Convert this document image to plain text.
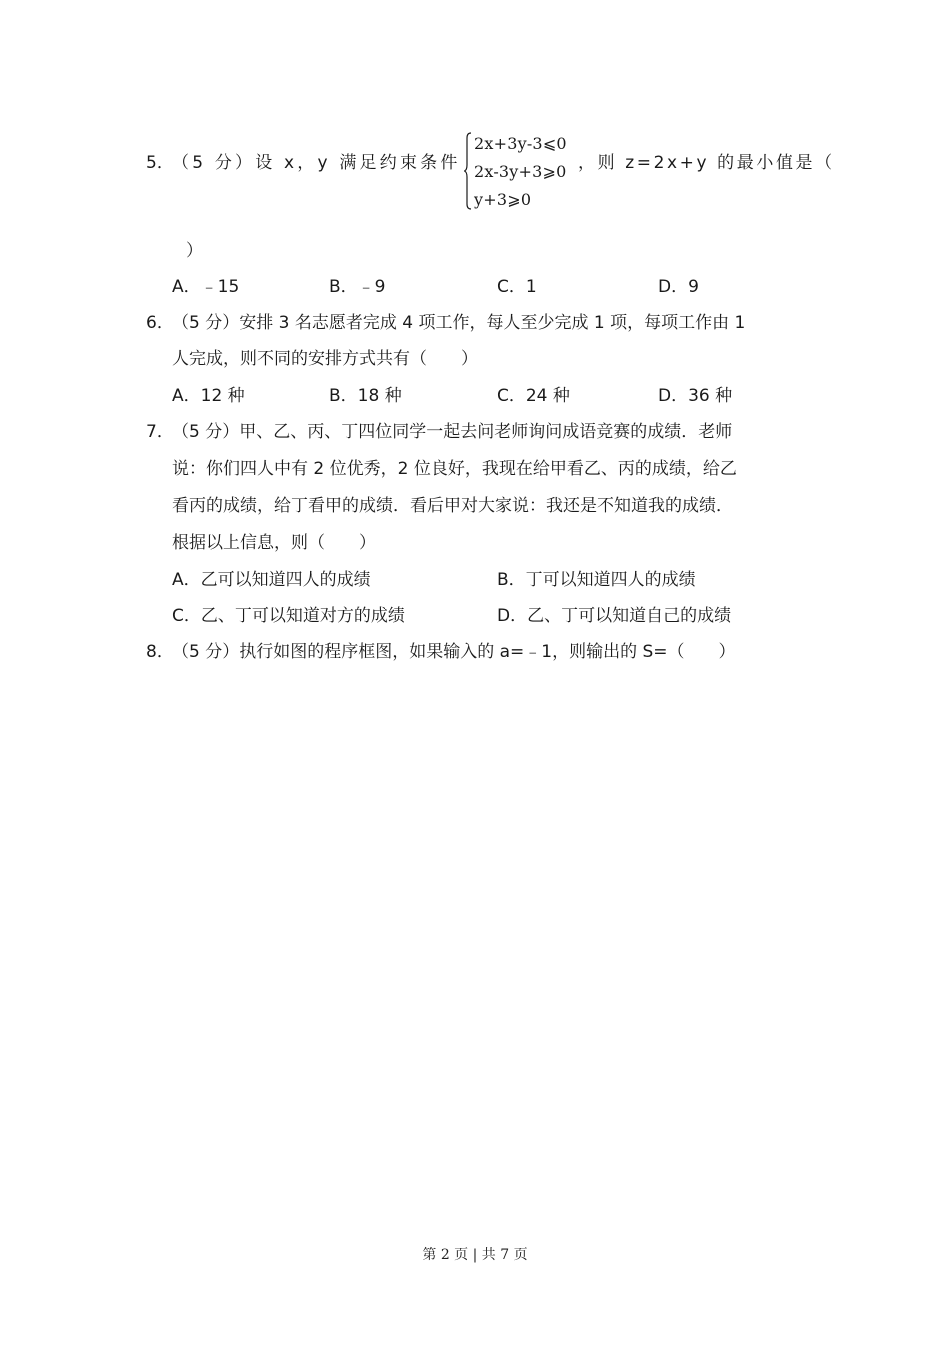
5．
（5 分）设 x，y 满足约束条件
2x+3y-3⩽0
2x-3y+3⩾0
y+3⩾0
，则 z=2x+y 的最小值是（
）
A．﹣15	B．﹣9	C．1	D．9
6．
（5 分）安排 3 名志愿者完成 4 项工作，每人至少完成 1 项，每项工作由 1
人完成，则不同的安排方式共有（　　）
A．12 种	B．18 种	C．24 种	D．36 种
7．
（5 分）甲、乙、丙、丁四位同学一起去问老师询问成语竞赛的成绩．老师
说：你们四人中有 2 位优秀，2 位良好，我现在给甲看乙、丙的成绩，给乙
看丙的成绩，给丁看甲的成绩．看后甲对大家说：我还是不知道我的成绩．
根据以上信息，则（　　）
A．乙可以知道四人的成绩	B．丁可以知道四人的成绩
C．乙、丁可以知道对方的成绩	D．乙、丁可以知道自己的成绩
8．
（5 分）执行如图的程序框图，如果输入的 a=﹣1，则输出的 S=（　　）
第 2 页 | 共 7 页
